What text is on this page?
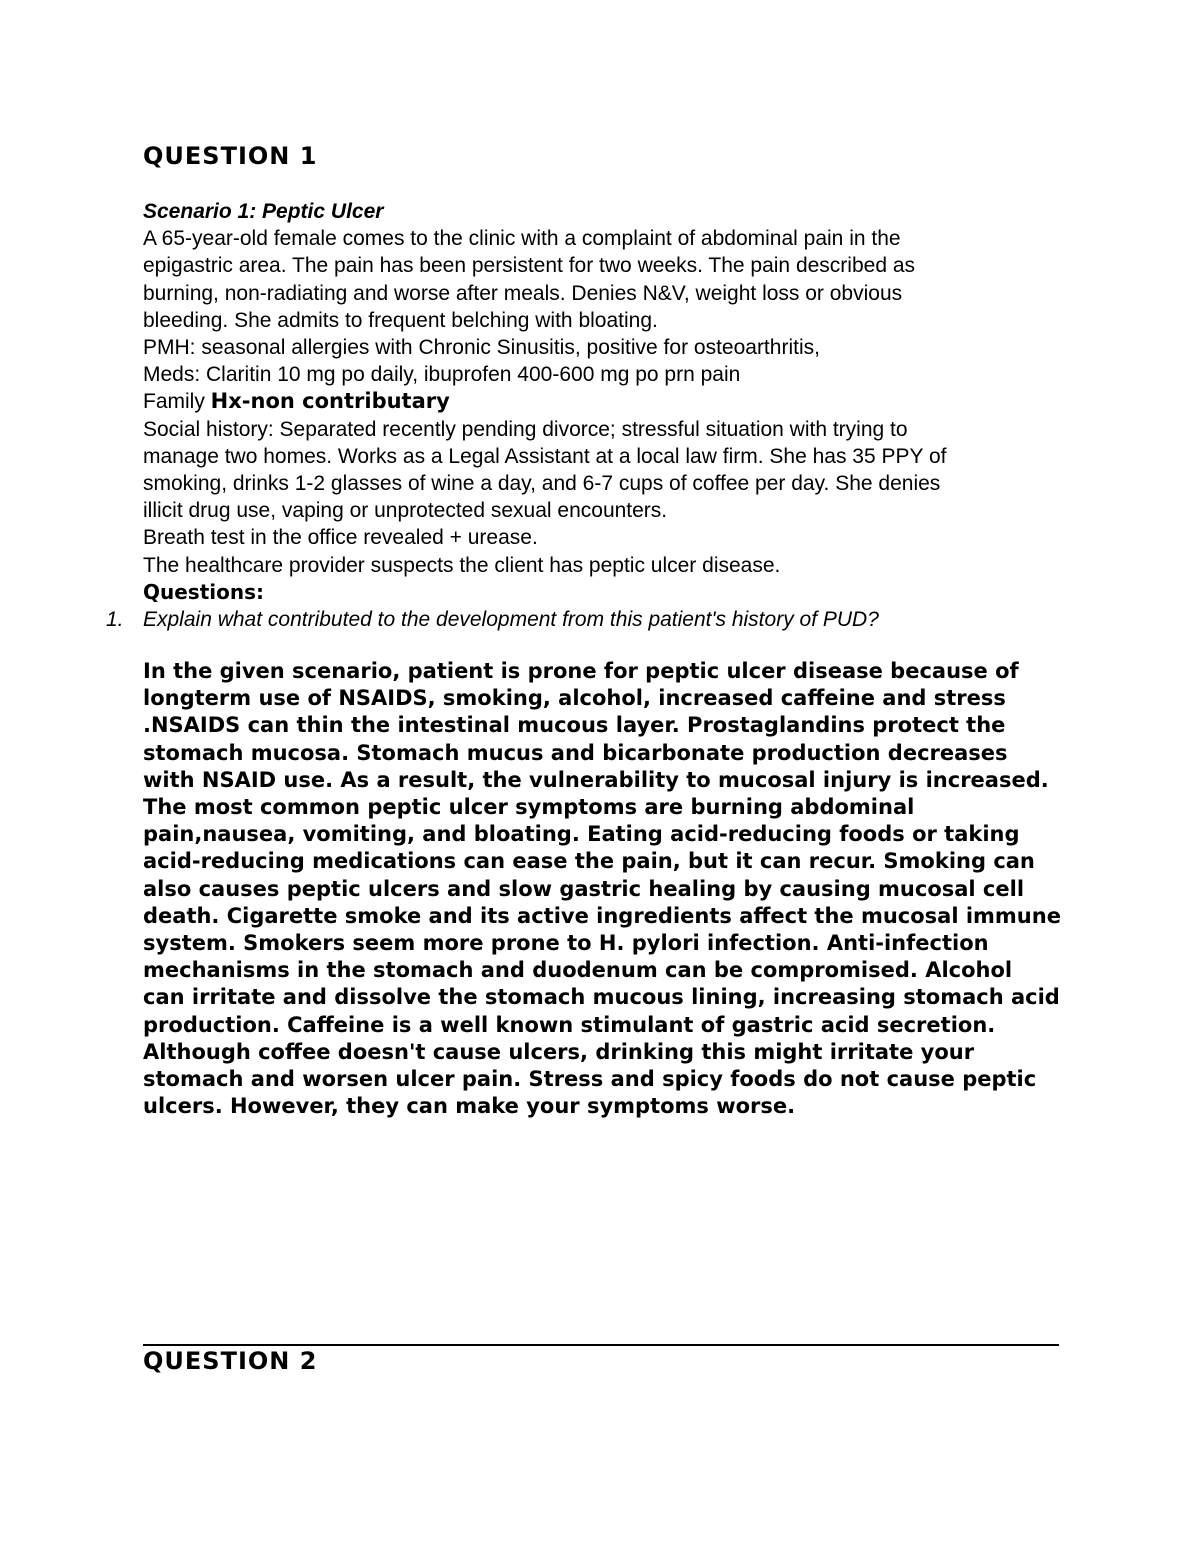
QUESTION 1
Scenario 1: Peptic Ulcer
A 65-year-old female comes to the clinic with a complaint of abdominal pain in the
epigastric area. The pain has been persistent for two weeks. The pain described as
burning, non-radiating and worse after meals. Denies N&V, weight loss or obvious
bleeding. She admits to frequent belching with bloating.
PMH: seasonal allergies with Chronic Sinusitis, positive for osteoarthritis,
Meds: Claritin 10 mg po daily, ibuprofen 400-600 mg po prn pain
Family Hx-non contributary
Social history: Separated recently pending divorce; stressful situation with trying to
manage two homes. Works as a Legal Assistant at a local law firm. She has 35 PPY of
smoking, drinks 1-2 glasses of wine a day, and 6-7 cups of coffee per day. She denies
illicit drug use, vaping or unprotected sexual encounters.
Breath test in the office revealed + urease.
The healthcare provider suspects the client has peptic ulcer disease.
Questions:
1. Explain what contributed to the development from this patient's history of PUD?
In the given scenario, patient is prone for peptic ulcer disease because of
longterm use of NSAIDS, smoking, alcohol, increased caffeine and stress
.NSAIDS can thin the intestinal mucous layer. Prostaglandins protect the
stomach mucosa. Stomach mucus and bicarbonate production decreases
with NSAID use. As a result, the vulnerability to mucosal injury is increased.
The most common peptic ulcer symptoms are burning abdominal
pain,nausea, vomiting, and bloating. Eating acid-reducing foods or taking
acid-reducing medications can ease the pain, but it can recur. Smoking can
also causes peptic ulcers and slow gastric healing by causing mucosal cell
death. Cigarette smoke and its active ingredients affect the mucosal immune
system. Smokers seem more prone to H. pylori infection. Anti-infection
mechanisms in the stomach and duodenum can be compromised. Alcohol
can irritate and dissolve the stomach mucous lining, increasing stomach acid
production. Caffeine is a well known stimulant of gastric acid secretion.
Although coffee doesn't cause ulcers, drinking this might irritate your
stomach and worsen ulcer pain. Stress and spicy foods do not cause peptic
ulcers. However, they can make your symptoms worse.
QUESTION 2
